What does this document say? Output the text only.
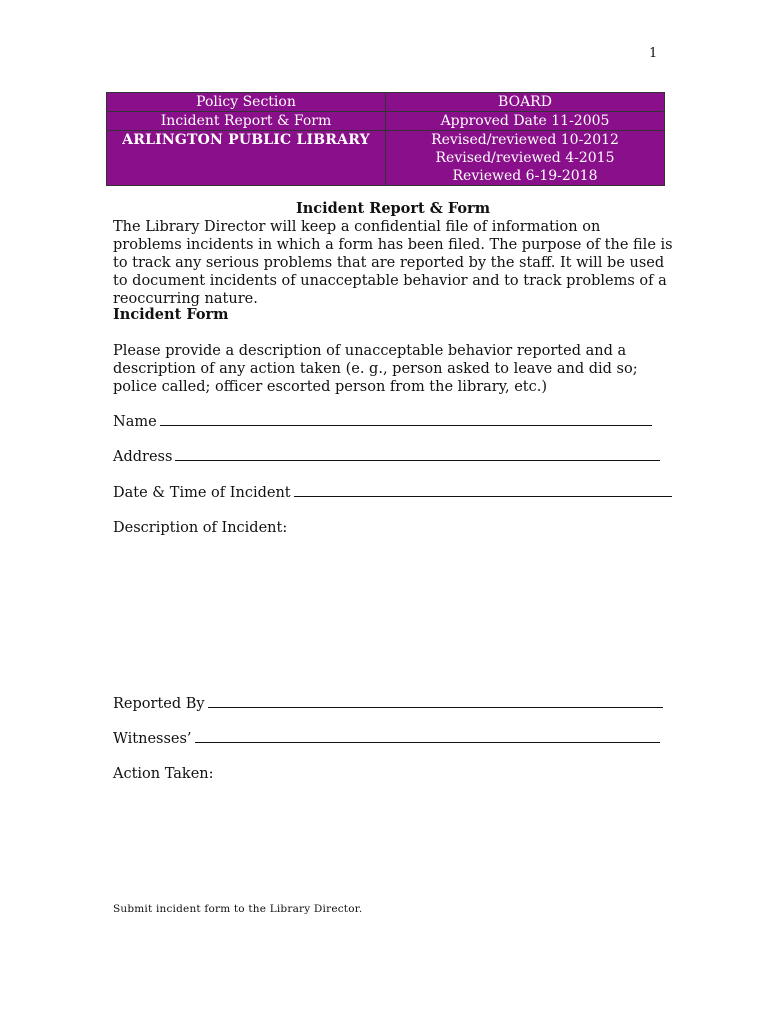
1
Policy Section	BOARD
Incident Report & Form	Approved Date 11-2005
ARLINGTON PUBLIC LIBRARY	Revised/reviewed 10-2012
Revised/reviewed 4-2015
Reviewed 6-19-2018

Incident Report & Form

The Library Director will keep a confidential file of information on problems incidents in which a form has been filed. The purpose of the file is to track any serious problems that are reported by the staff. It will be used to document incidents of unacceptable behavior and to track problems of a reoccurring nature.

Incident Form

Please provide a description of unacceptable behavior reported and a description of any action taken (e. g., person asked to leave and did so; police called; officer escorted person from the library, etc.)

Name
Address
Date & Time of Incident
Description of Incident:
Reported By
Witnesses’
Action Taken:
Submit incident form to the Library Director.
